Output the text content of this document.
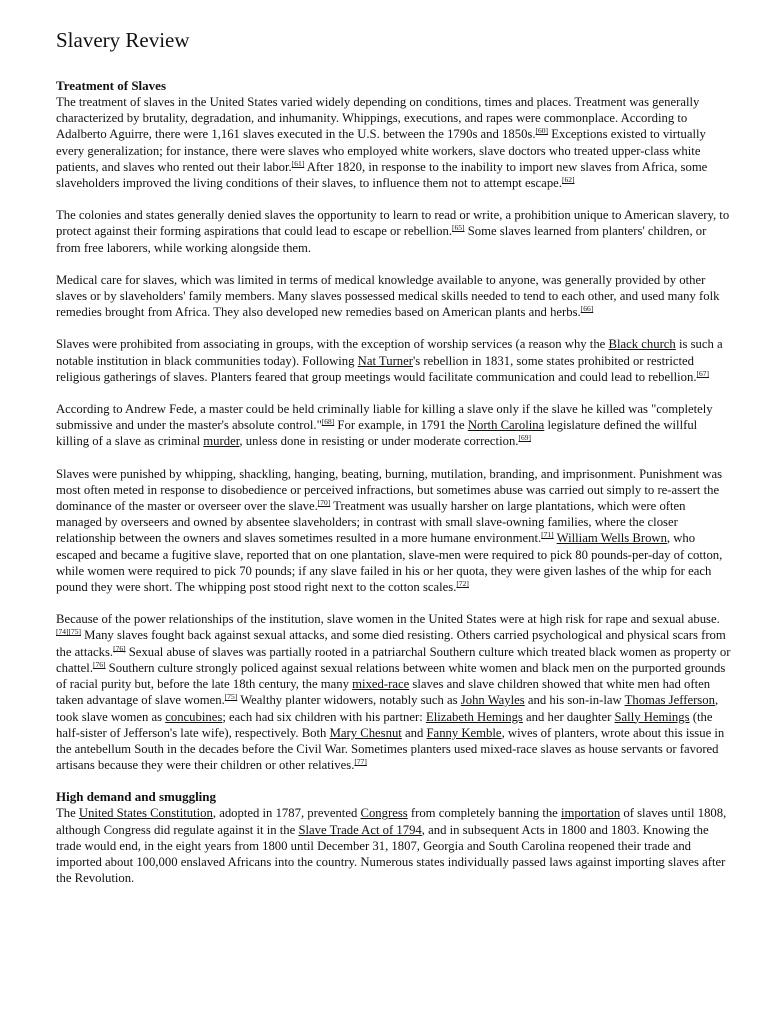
Slavery Review
Treatment of Slaves

The treatment of slaves in the United States varied widely depending on conditions, times and places. Treatment was generally characterized by brutality, degradation, and inhumanity. Whippings, executions, and rapes were commonplace. According to Adalberto Aguirre, there were 1,161 slaves executed in the U.S. between the 1790s and 1850s.[60] Exceptions existed to virtually every generalization; for instance, there were slaves who employed white workers, slave doctors who treated upper-class white patients, and slaves who rented out their labor.[61] After 1820, in response to the inability to import new slaves from Africa, some slaveholders improved the living conditions of their slaves, to influence them not to attempt escape.[62]

The colonies and states generally denied slaves the opportunity to learn to read or write, a prohibition unique to American slavery, to protect against their forming aspirations that could lead to escape or rebellion.[65] Some slaves learned from planters' children, or from free laborers, while working alongside them.

Medical care for slaves, which was limited in terms of medical knowledge available to anyone, was generally provided by other slaves or by slaveholders' family members. Many slaves possessed medical skills needed to tend to each other, and used many folk remedies brought from Africa. They also developed new remedies based on American plants and herbs.[66]

Slaves were prohibited from associating in groups, with the exception of worship services (a reason why the Black church is such a notable institution in black communities today). Following Nat Turner's rebellion in 1831, some states prohibited or restricted religious gatherings of slaves. Planters feared that group meetings would facilitate communication and could lead to rebellion.[67]

According to Andrew Fede, a master could be held criminally liable for killing a slave only if the slave he killed was "completely submissive and under the master's absolute control."[68] For example, in 1791 the North Carolina legislature defined the willful killing of a slave as criminal murder, unless done in resisting or under moderate correction.[69]

Slaves were punished by whipping, shackling, hanging, beating, burning, mutilation, branding, and imprisonment. Punishment was most often meted in response to disobedience or perceived infractions, but sometimes abuse was carried out simply to re-assert the dominance of the master or overseer over the slave.[70] Treatment was usually harsher on large plantations, which were often managed by overseers and owned by absentee slaveholders; in contrast with small slave-owning families, where the closer relationship between the owners and slaves sometimes resulted in a more humane environment.[71] William Wells Brown, who escaped and became a fugitive slave, reported that on one plantation, slave-men were required to pick 80 pounds-per-day of cotton, while women were required to pick 70 pounds; if any slave failed in his or her quota, they were given lashes of the whip for each pound they were short. The whipping post stood right next to the cotton scales.[72]

Because of the power relationships of the institution, slave women in the United States were at high risk for rape and sexual abuse.[74][75] Many slaves fought back against sexual attacks, and some died resisting. Others carried psychological and physical scars from the attacks.[76] Sexual abuse of slaves was partially rooted in a patriarchal Southern culture which treated black women as property or chattel.[76] Southern culture strongly policed against sexual relations between white women and black men on the purported grounds of racial purity but, before the late 18th century, the many mixed-race slaves and slave children showed that white men had often taken advantage of slave women.[75] Wealthy planter widowers, notably such as John Wayles and his son-in-law Thomas Jefferson, took slave women as concubines; each had six children with his partner: Elizabeth Hemings and her daughter Sally Hemings (the half-sister of Jefferson's late wife), respectively. Both Mary Chesnut and Fanny Kemble, wives of planters, wrote about this issue in the antebellum South in the decades before the Civil War. Sometimes planters used mixed-race slaves as house servants or favored artisans because they were their children or other relatives.[77]

High demand and smuggling

The United States Constitution, adopted in 1787, prevented Congress from completely banning the importation of slaves until 1808, although Congress did regulate against it in the Slave Trade Act of 1794, and in subsequent Acts in 1800 and 1803. Knowing the trade would end, in the eight years from 1800 until December 31, 1807, Georgia and South Carolina reopened their trade and imported about 100,000 enslaved Africans into the country. Numerous states individually passed laws against importing slaves after the Revolution.
